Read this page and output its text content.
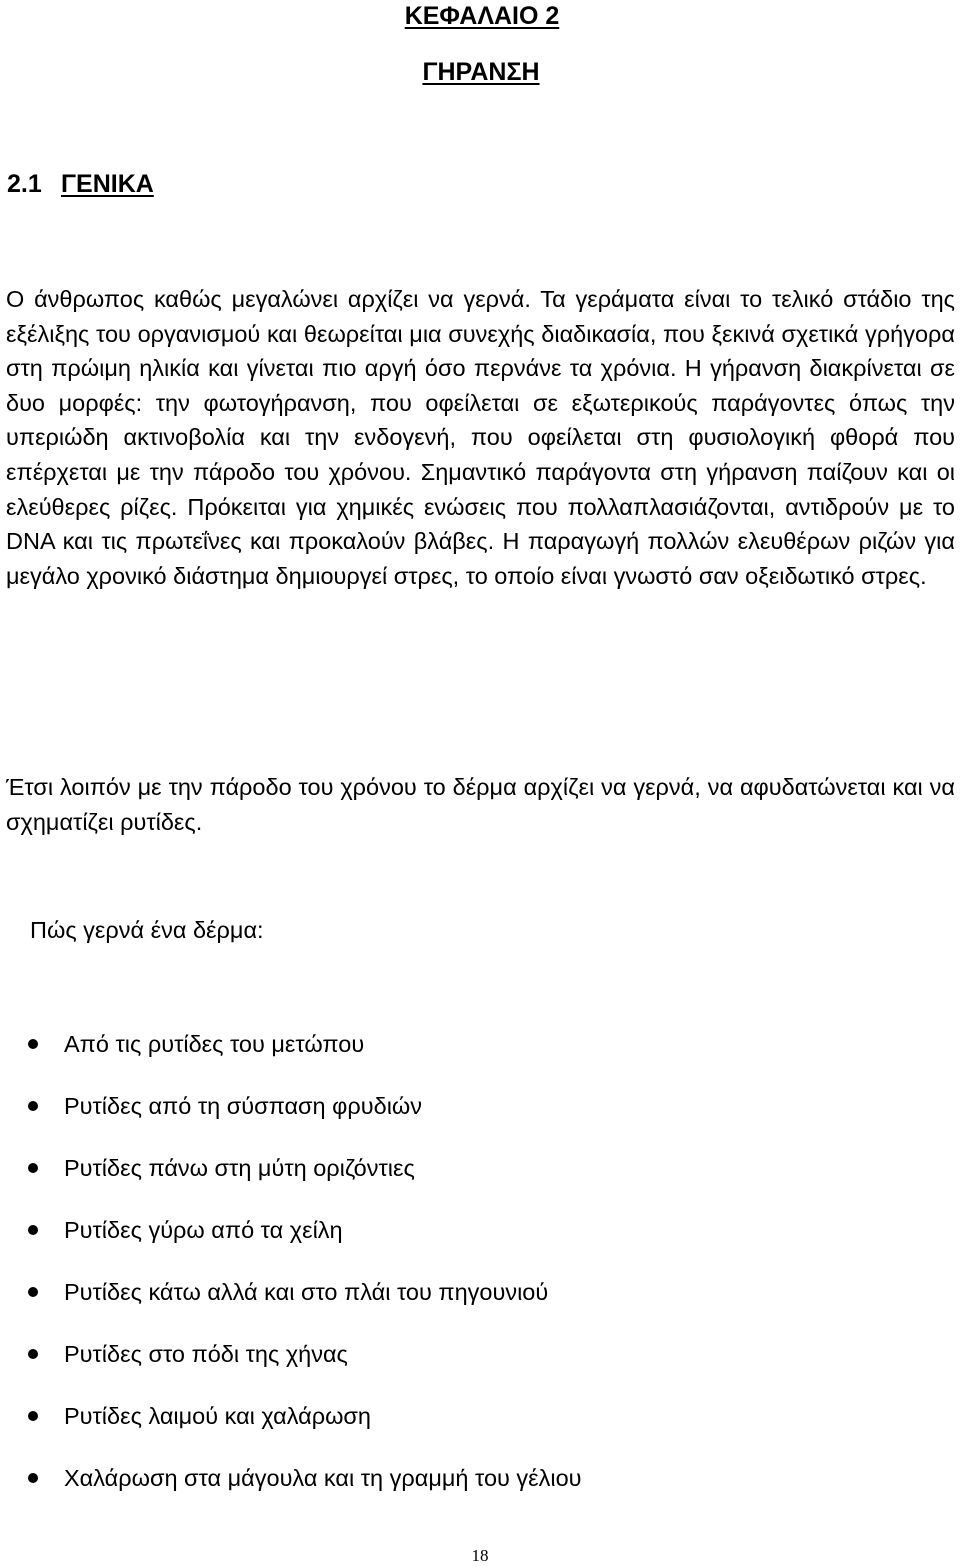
ΚΕΦΑΛΑΙΟ 2
ΓΗΡΑΝΣΗ
2.1 ΓΕΝΙΚΑ

Ο άνθρωπος καθώς μεγαλώνει αρχίζει να γερνά. Τα γεράματα είναι το τελικό στάδιο της εξέλιξης του οργανισμού και θεωρείται μια συνεχής διαδικασία, που ξεκινά σχετικά γρήγορα στη πρώιμη ηλικία και γίνεται πιο αργή όσο περνάνε τα χρόνια. Η γήρανση διακρίνεται σε δυο μορφές: την φωτογήρανση, που οφείλεται σε εξωτερικούς παράγοντες όπως την υπεριώδη ακτινοβολία και την ενδογενή, που οφείλεται στη φυσιολογική φθορά που επέρχεται με την πάροδο του χρόνου. Σημαντικό παράγοντα στη γήρανση παίζουν και οι ελεύθερες ρίζες. Πρόκειται για χημικές ενώσεις που πολλαπλασιάζονται, αντιδρούν με το DNA και τις πρωτεΐνες και προκαλούν βλάβες. Η παραγωγή πολλών ελευθέρων ριζών για μεγάλο χρονικό διάστημα δημιουργεί στρες, το οποίο είναι γνωστό σαν οξειδωτικό στρες.

Έτσι λοιπόν με την πάροδο του χρόνου το δέρμα αρχίζει να γερνά, να αφυδατώνεται και να σχηματίζει ρυτίδες.

Πώς γερνά ένα δέρμα:

Από τις ρυτίδες του μετώπου
Ρυτίδες από τη σύσπαση φρυδιών
Ρυτίδες πάνω στη μύτη οριζόντιες
Ρυτίδες γύρω από τα χείλη
Ρυτίδες κάτω αλλά και στο πλάι του πηγουνιού
Ρυτίδες στο πόδι της χήνας
Ρυτίδες λαιμού και χαλάρωση
Χαλάρωση στα μάγουλα και τη γραμμή του γέλιου
18
